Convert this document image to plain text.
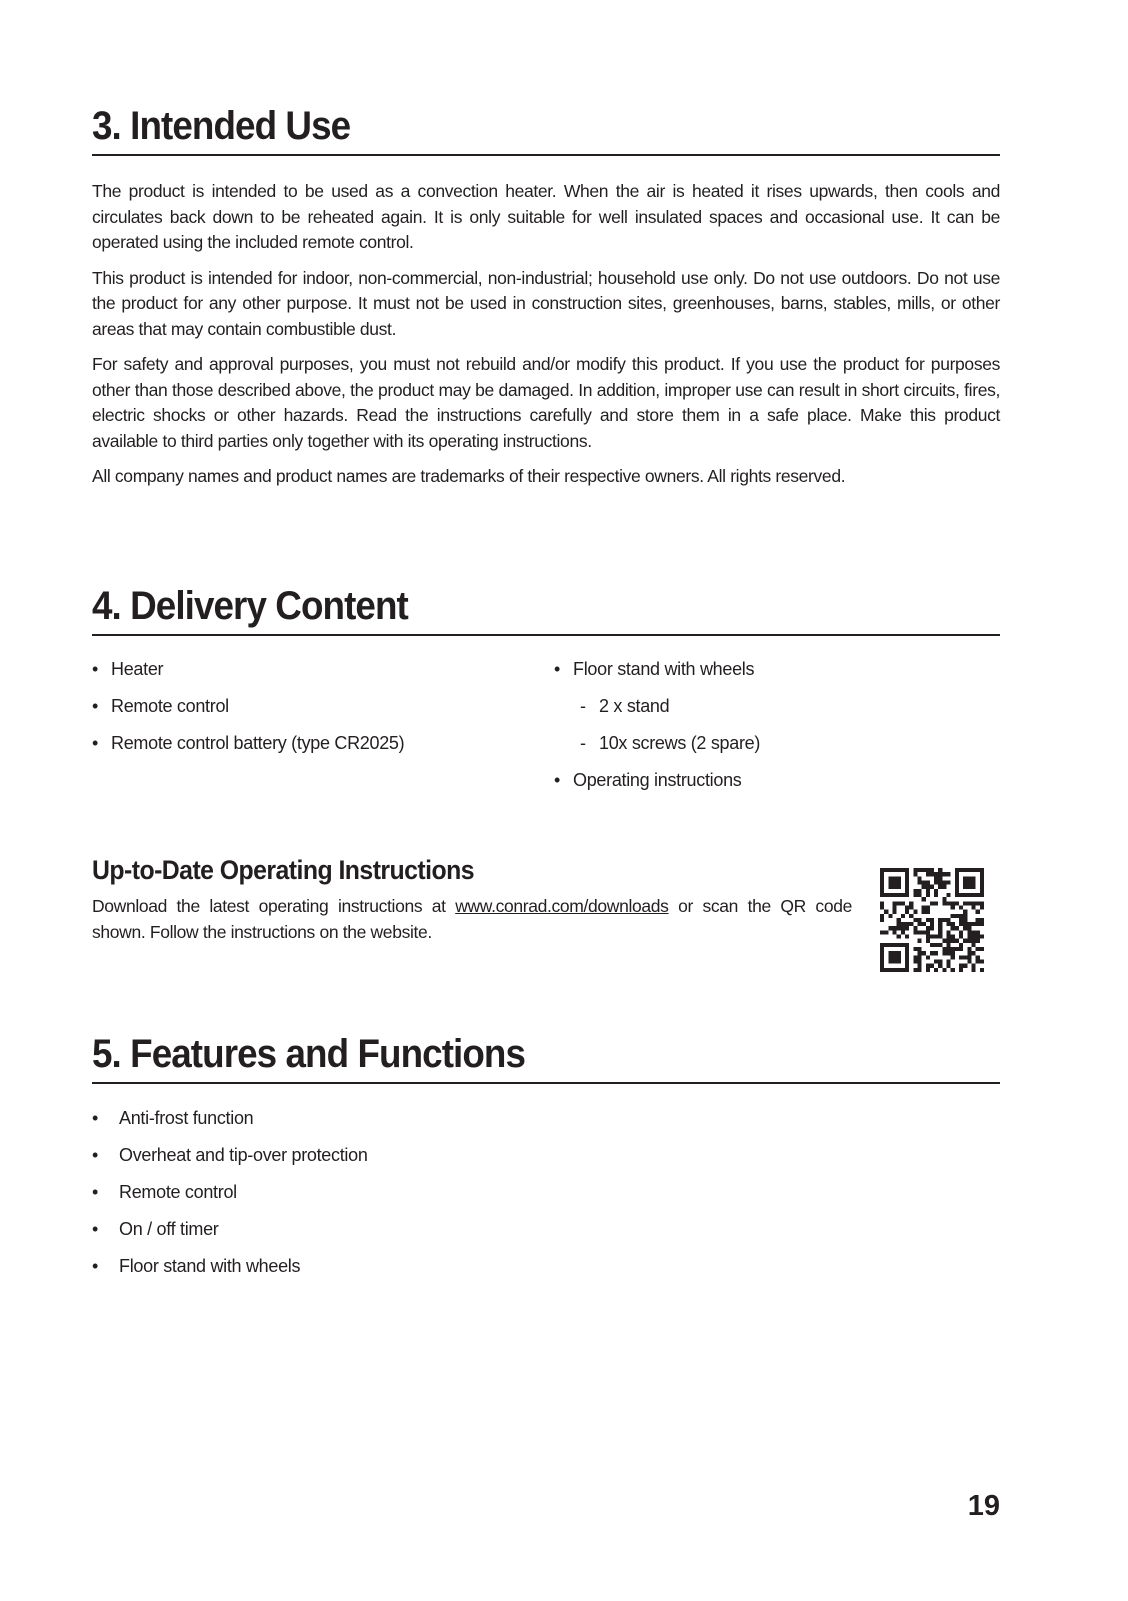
3. Intended Use

The product is intended to be used as a convection heater. When the air is heated it rises upwards, then cools and circulates back down to be reheated again. It is only suitable for well insulated spaces and occasional use. It can be operated using the included remote control.

This product is intended for indoor, non-commercial, non-industrial; household use only. Do not use outdoors. Do not use the product for any other purpose. It must not be used in construction sites, greenhouses, barns, stables, mills, or other areas that may contain combustible dust.

For safety and approval purposes, you must not rebuild and/or modify this product. If you use the product for purposes other than those described above, the product may be damaged. In addition, improper use can result in short circuits, fires, electric shocks or other hazards. Read the instructions carefully and store them in a safe place. Make this product available to third parties only together with its operating instructions.

All company names and product names are trademarks of their respective owners. All rights reserved.

4. Delivery Content
• Heater
• Remote control
• Remote control battery (type CR2025)
• Floor stand with wheels
- 2 x stand
- 10x screws (2 spare)
• Operating instructions
Up-to-Date Operating Instructions

Download the latest operating instructions at www.conrad.com/downloads or scan the QR code shown. Follow the instructions on the website.

5. Features and Functions
• Anti-frost function
• Overheat and tip-over protection
• Remote control
• On / off timer
• Floor stand with wheels
19
